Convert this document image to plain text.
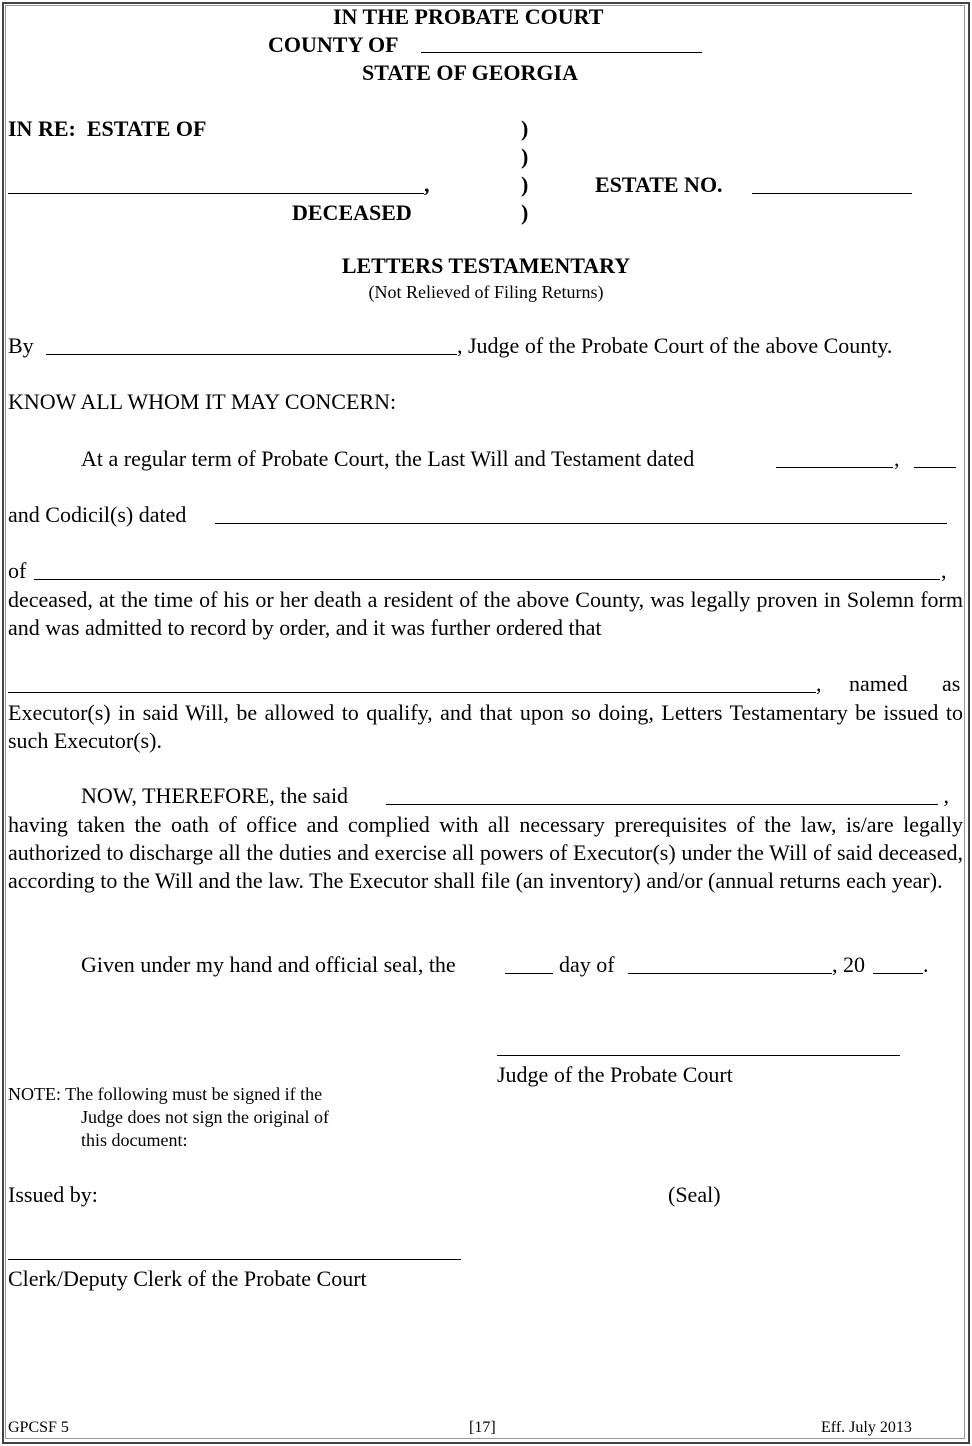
IN THE PROBATE COURT
COUNTY OF
STATE OF GEORGIA
IN RE:  ESTATE OF	)
)
,	)	ESTATE NO.
DECEASED	)
LETTERS TESTAMENTARY
(Not Relieved of Filing Returns)
By	, Judge of the Probate Court of the above County.
KNOW ALL WHOM IT MAY CONCERN:
At a regular term of Probate Court, the Last Will and Testament dated	,
and Codicil(s) dated
of	,
deceased, at the time of his or her death a resident of the above County, was legally proven in Solemn form and was admitted to record by order, and it was further ordered that
, named as
Executor(s) in said Will, be allowed to qualify, and that upon so doing, Letters Testamentary be issued to such Executor(s).
NOW, THEREFORE, the said	,
having taken the oath of office and complied with all necessary prerequisites of the law, is/are legally authorized to discharge all the duties and exercise all powers of Executor(s) under the Will of said deceased, according to the Will and the law. The Executor shall file (an inventory) and/or (annual returns each year).
Given under my hand and official seal, the	day of	, 20	.
Judge of the Probate Court
NOTE: The following must be signed if the
Judge does not sign the original of
this document:
Issued by:	(Seal)
Clerk/Deputy Clerk of the Probate Court
GPCSF 5	[17]	Eff. July 2013
